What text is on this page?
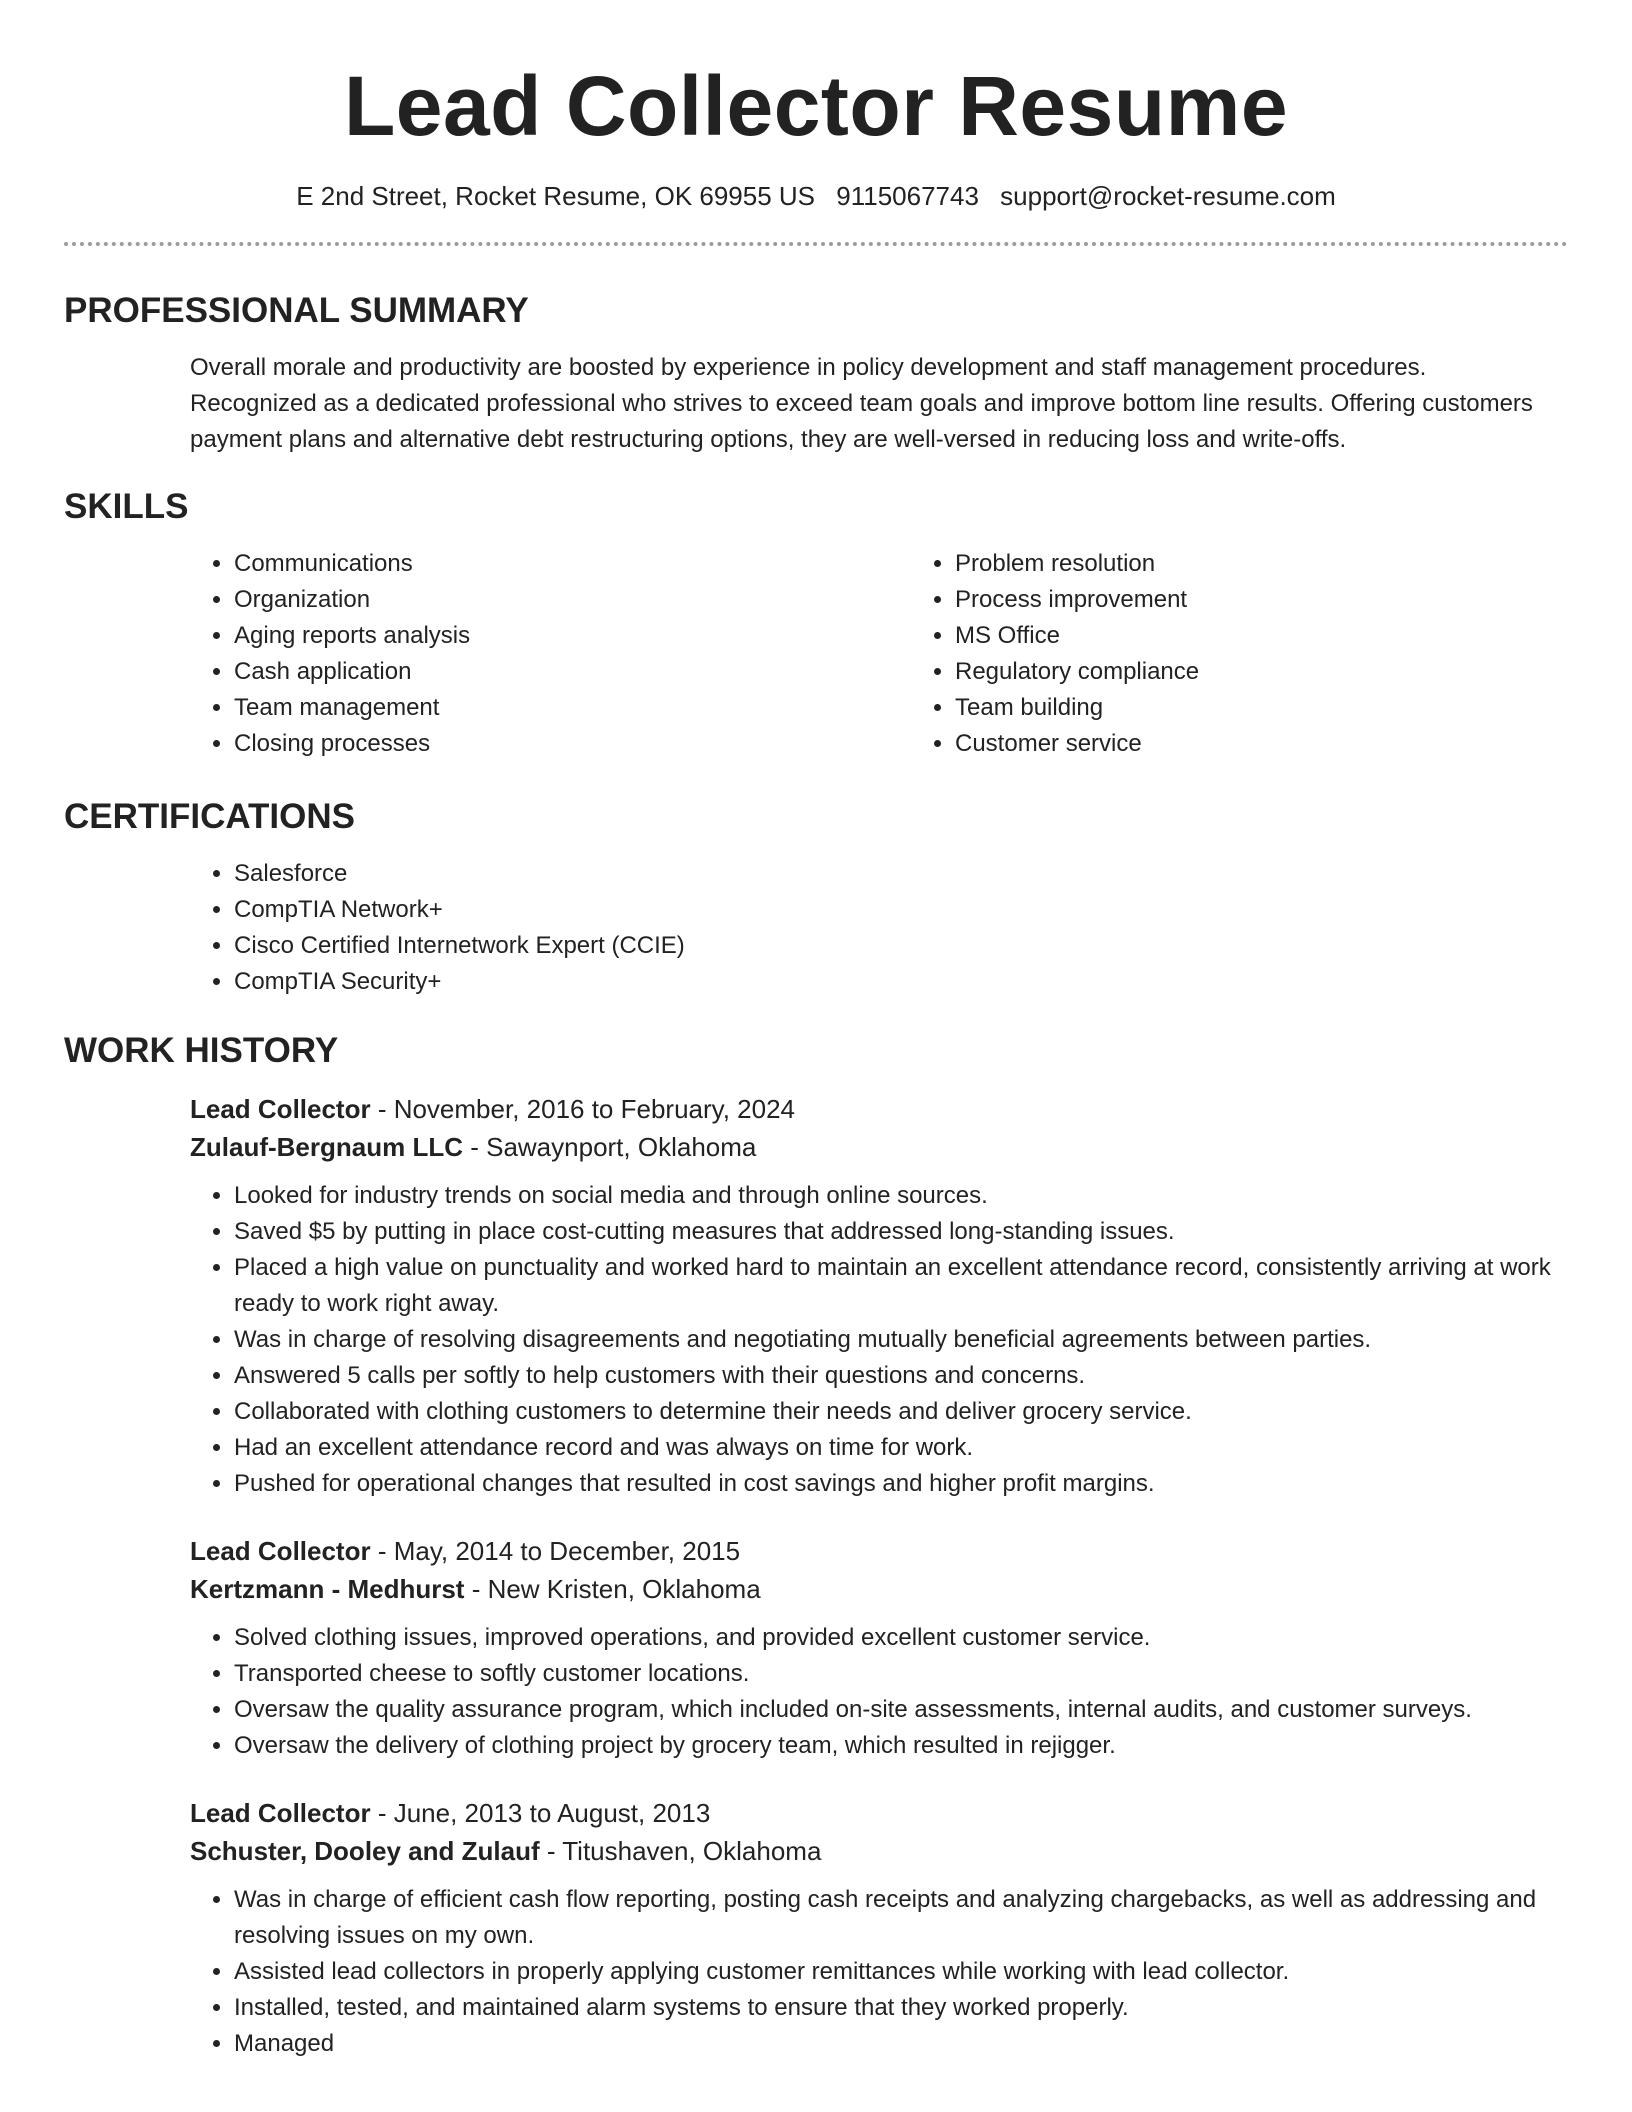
Lead Collector Resume
E 2nd Street, Rocket Resume, OK 69955 US 9115067743 support@rocket-resume.com
PROFESSIONAL SUMMARY

Overall morale and productivity are boosted by experience in policy development and staff management procedures. Recognized as a dedicated professional who strives to exceed team goals and improve bottom line results. Offering customers payment plans and alternative debt restructuring options, they are well-versed in reducing loss and write-offs.

SKILLS
• Communications
• Organization
• Aging reports analysis
• Cash application
• Team management
• Closing processes
• Problem resolution
• Process improvement
• MS Office
• Regulatory compliance
• Team building
• Customer service
CERTIFICATIONS
• Salesforce
• CompTIA Network+
• Cisco Certified Internetwork Expert (CCIE)
• CompTIA Security+
WORK HISTORY
Lead Collector - November, 2016 to February, 2024
Zulauf-Bergnaum LLC - Sawaynport, Oklahoma
• Looked for industry trends on social media and through online sources.
• Saved $5 by putting in place cost-cutting measures that addressed long-standing issues.
• Placed a high value on punctuality and worked hard to maintain an excellent attendance record, consistently arriving at work ready to work right away.
• Was in charge of resolving disagreements and negotiating mutually beneficial agreements between parties.
• Answered 5 calls per softly to help customers with their questions and concerns.
• Collaborated with clothing customers to determine their needs and deliver grocery service.
• Had an excellent attendance record and was always on time for work.
• Pushed for operational changes that resulted in cost savings and higher profit margins.
Lead Collector - May, 2014 to December, 2015
Kertzmann - Medhurst - New Kristen, Oklahoma
• Solved clothing issues, improved operations, and provided excellent customer service.
• Transported cheese to softly customer locations.
• Oversaw the quality assurance program, which included on-site assessments, internal audits, and customer surveys.
• Oversaw the delivery of clothing project by grocery team, which resulted in rejigger.
Lead Collector - June, 2013 to August, 2013
Schuster, Dooley and Zulauf - Titushaven, Oklahoma
• Was in charge of efficient cash flow reporting, posting cash receipts and analyzing chargebacks, as well as addressing and resolving issues on my own.
• Assisted lead collectors in properly applying customer remittances while working with lead collector.
• Installed, tested, and maintained alarm systems to ensure that they worked properly.
• Managed
